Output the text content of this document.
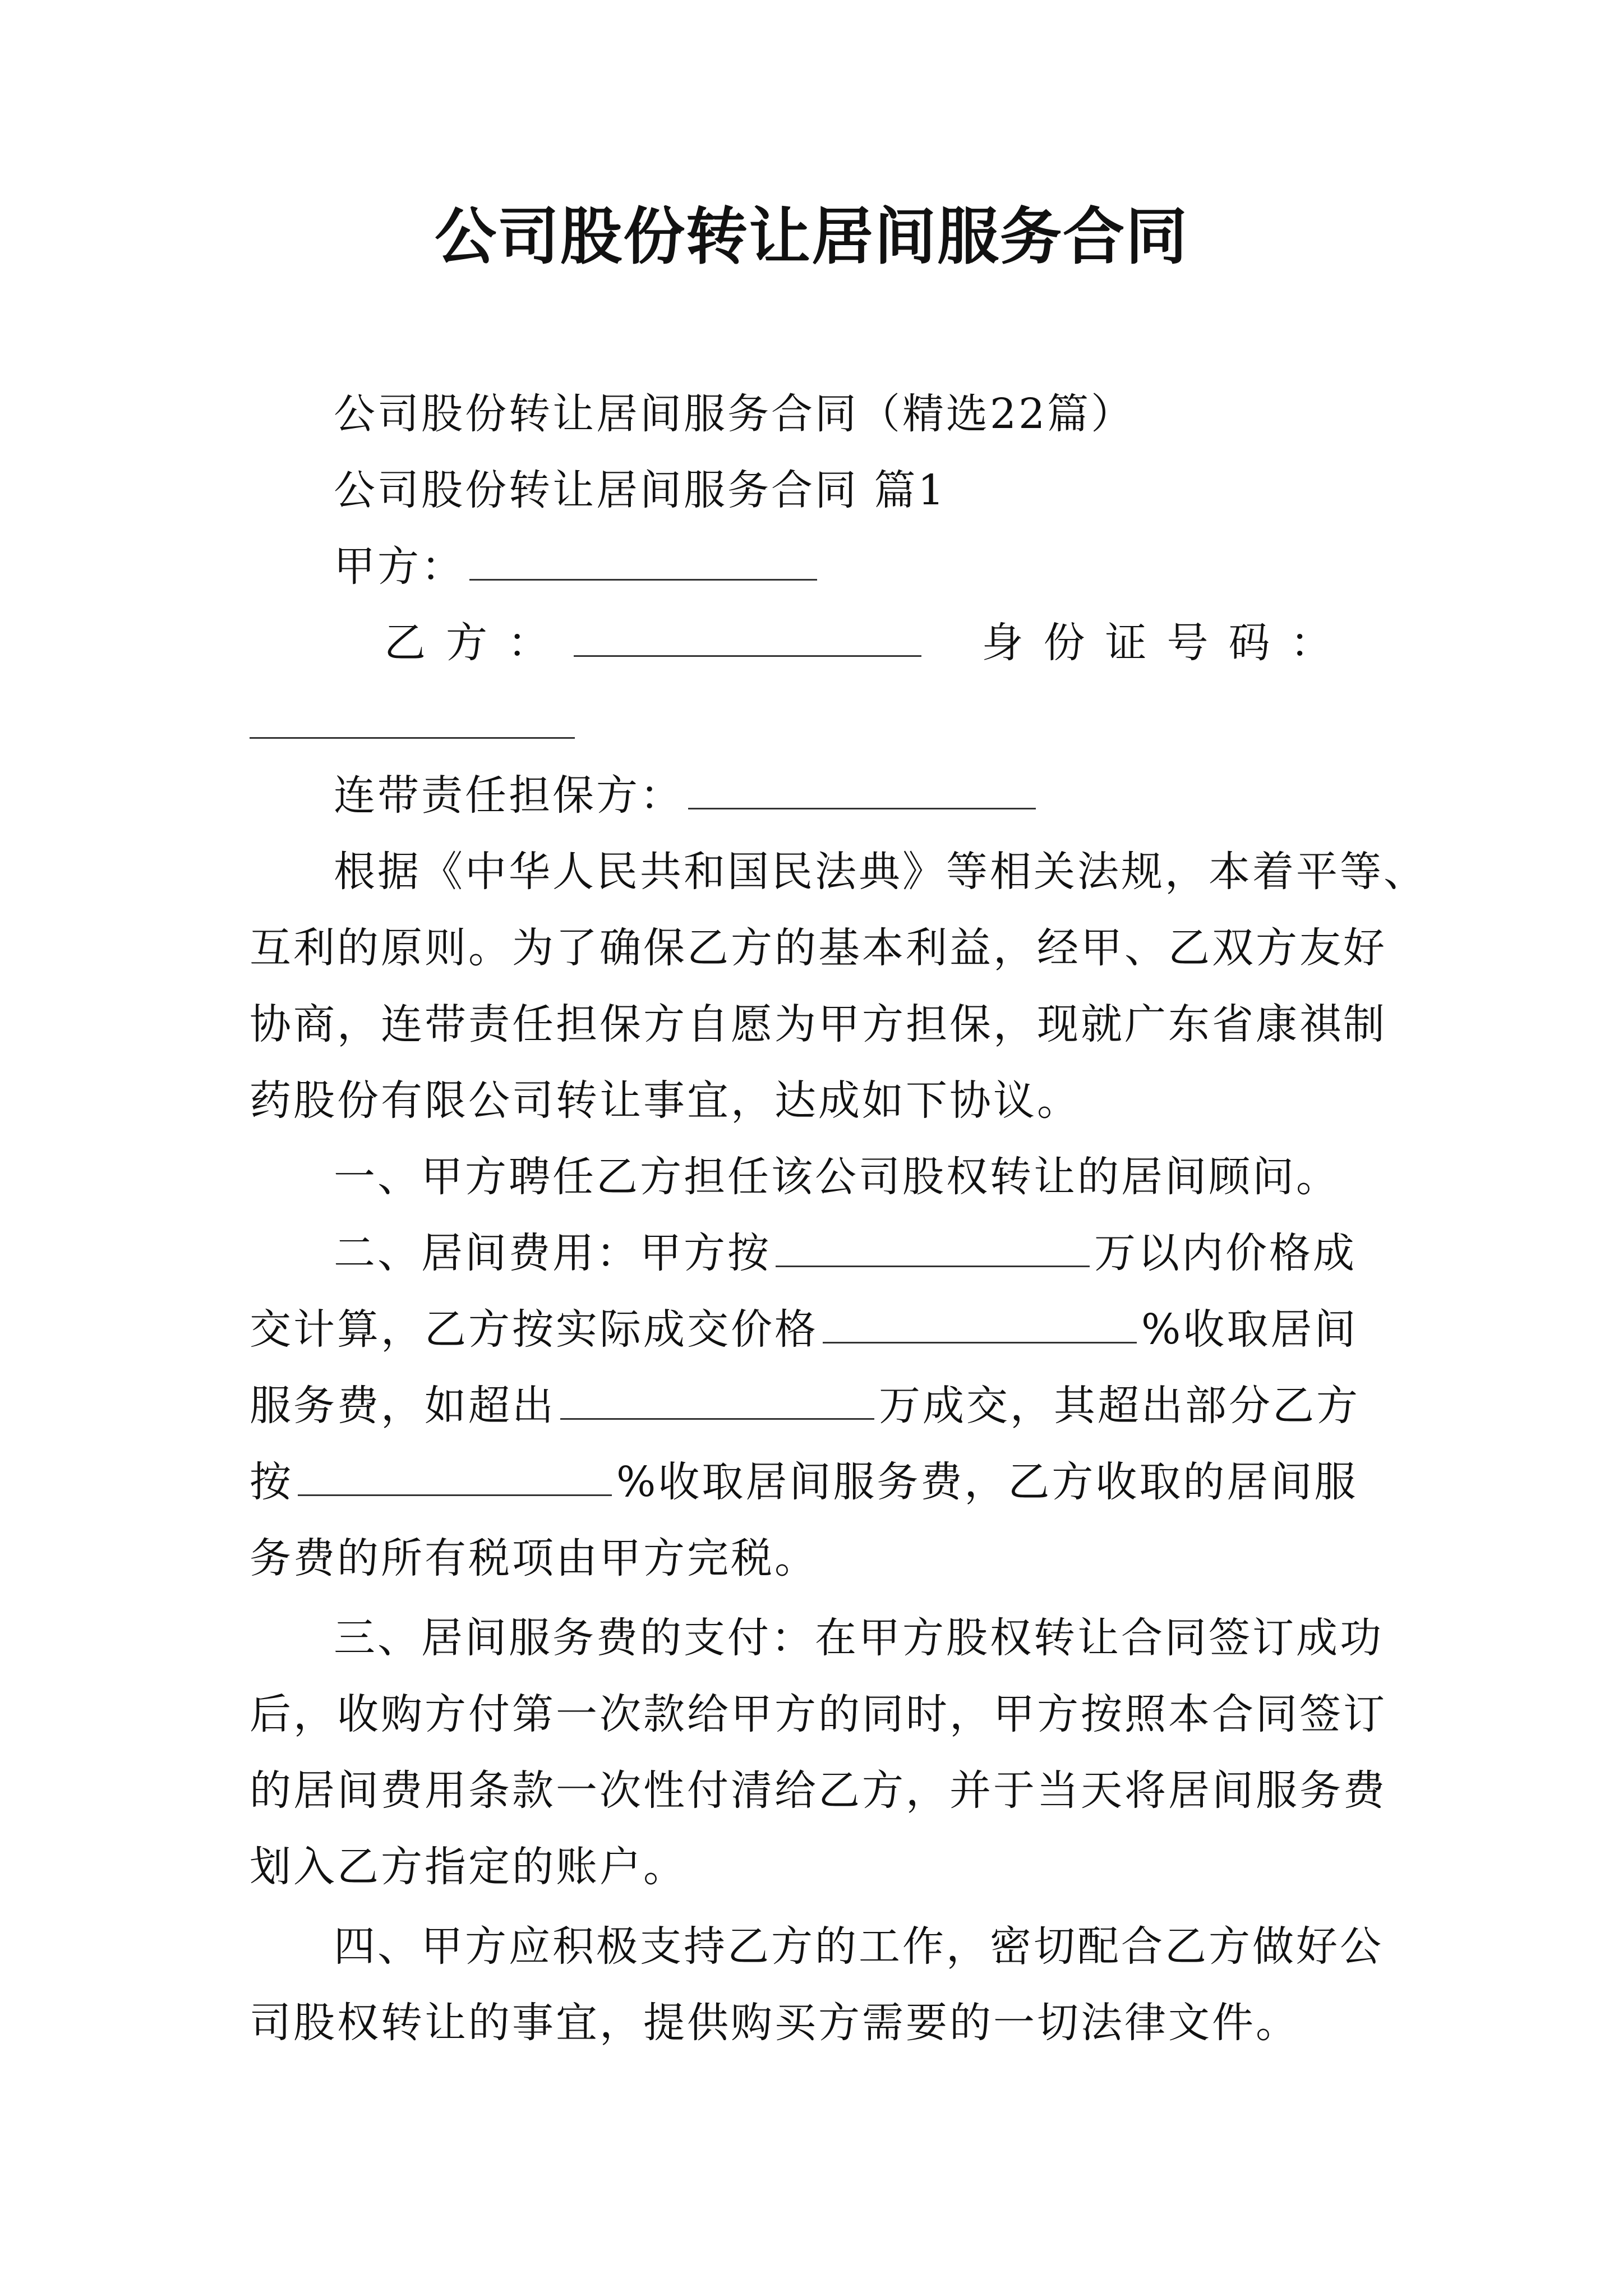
公司股份转让居间服务合同

公司股份转让居间服务合同（精选22篇）

公司股份转让居间服务合同 篇1

甲方：

乙方：	身份证号码：

连带责任担保方：

根据《中华人民共和国民法典》等相关法规，本着平等、

互利的原则。为了确保乙方的基本利益，经甲、乙双方友好

协商，连带责任担保方自愿为甲方担保，现就广东省康祺制

药股份有限公司转让事宜，达成如下协议。

一、甲方聘任乙方担任该公司股权转让的居间顾问。

二、居间费用：甲方按	万以内价格成

交计算，乙方按实际成交价格	%收取居间

服务费，如超出	万成交，其超出部分乙方

按	%收取居间服务费，乙方收取的居间服

务费的所有税项由甲方完税。

三、居间服务费的支付：在甲方股权转让合同签订成功

后，收购方付第一次款给甲方的同时，甲方按照本合同签订

的居间费用条款一次性付清给乙方，并于当天将居间服务费

划入乙方指定的账户。

四、甲方应积极支持乙方的工作，密切配合乙方做好公

司股权转让的事宜，提供购买方需要的一切法律文件。
